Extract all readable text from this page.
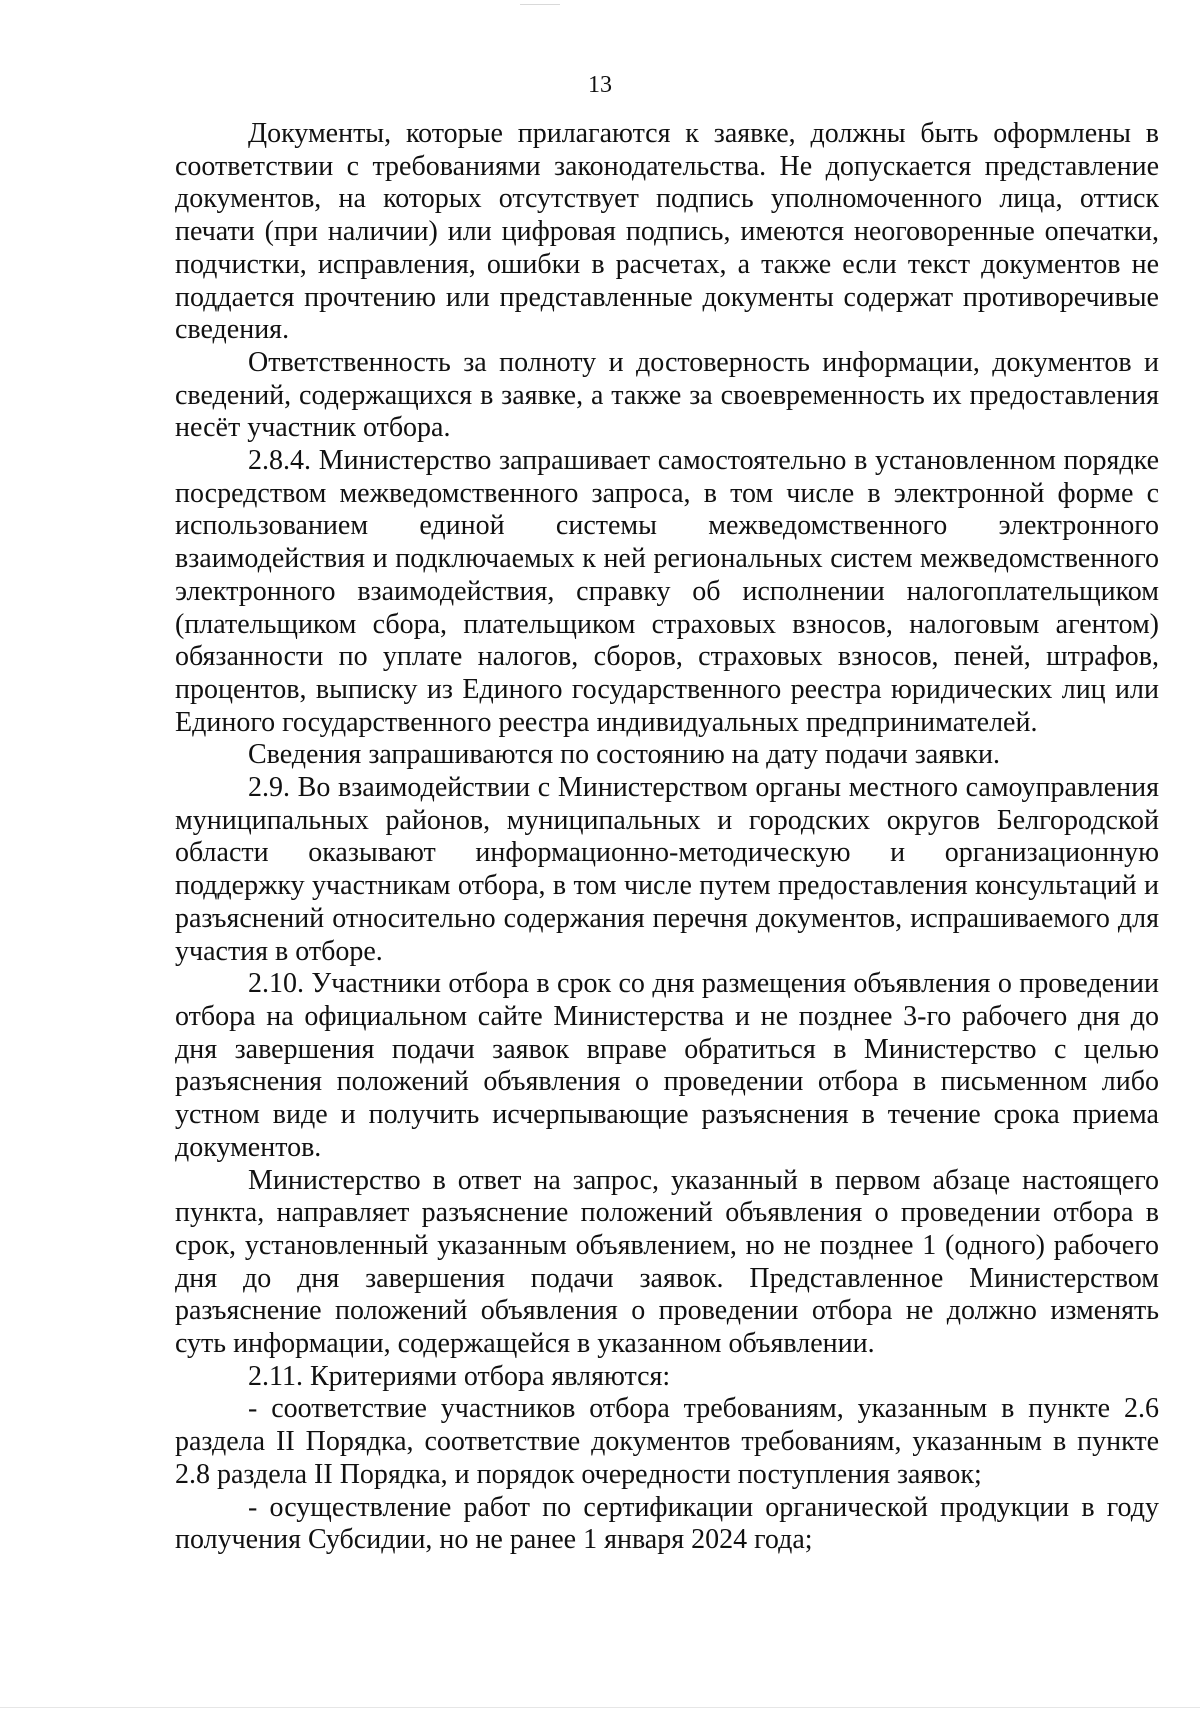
13

Документы, которые прилагаются к заявке, должны быть оформлены в соответствии с требованиями законодательства. Не допускается представление документов, на которых отсутствует подпись уполномоченного лица, оттиск печати (при наличии) или цифровая подпись, имеются неоговоренные опечатки, подчистки, исправления, ошибки в расчетах, а также если текст документов не поддается прочтению или представленные документы содержат противоречивые сведения.

Ответственность за полноту и достоверность информации, документов и сведений, содержащихся в заявке, а также за своевременность их предоставления несёт участник отбора.

2.8.4. Министерство запрашивает самостоятельно в установленном порядке посредством межведомственного запроса, в том числе в электронной форме с использованием единой системы межведомственного электронного взаимодействия и подключаемых к ней региональных систем межведомственного электронного взаимодействия, справку об исполнении налогоплательщиком (плательщиком сбора, плательщиком страховых взносов, налоговым агентом) обязанности по уплате налогов, сборов, страховых взносов, пеней, штрафов, процентов, выписку из Единого государственного реестра юридических лиц или Единого государственного реестра индивидуальных предпринимателей.

Сведения запрашиваются по состоянию на дату подачи заявки.

2.9. Во взаимодействии с Министерством органы местного самоуправления муниципальных районов, муниципальных и городских округов Белгородской области оказывают информационно-методическую и организационную поддержку участникам отбора, в том числе путем предоставления консультаций и разъяснений относительно содержания перечня документов, испрашиваемого для участия в отборе.

2.10. Участники отбора в срок со дня размещения объявления о проведении отбора на официальном сайте Министерства и не позднее 3-го рабочего дня до дня завершения подачи заявок вправе обратиться в Министерство с целью разъяснения положений объявления о проведении отбора в письменном либо устном виде и получить исчерпывающие разъяснения в течение срока приема документов.

Министерство в ответ на запрос, указанный в первом абзаце настоящего пункта, направляет разъяснение положений объявления о проведении отбора в срок, установленный указанным объявлением, но не позднее 1 (одного) рабочего дня до дня завершения подачи заявок. Представленное Министерством разъяснение положений объявления о проведении отбора не должно изменять суть информации, содержащейся в указанном объявлении.

2.11. Критериями отбора являются:

- соответствие участников отбора требованиям, указанным в пункте 2.6 раздела II Порядка, соответствие документов требованиям, указанным в пункте 2.8 раздела II Порядка, и порядок очередности поступления заявок;

- осуществление работ по сертификации органической продукции в году получения Субсидии, но не ранее 1 января 2024 года;
